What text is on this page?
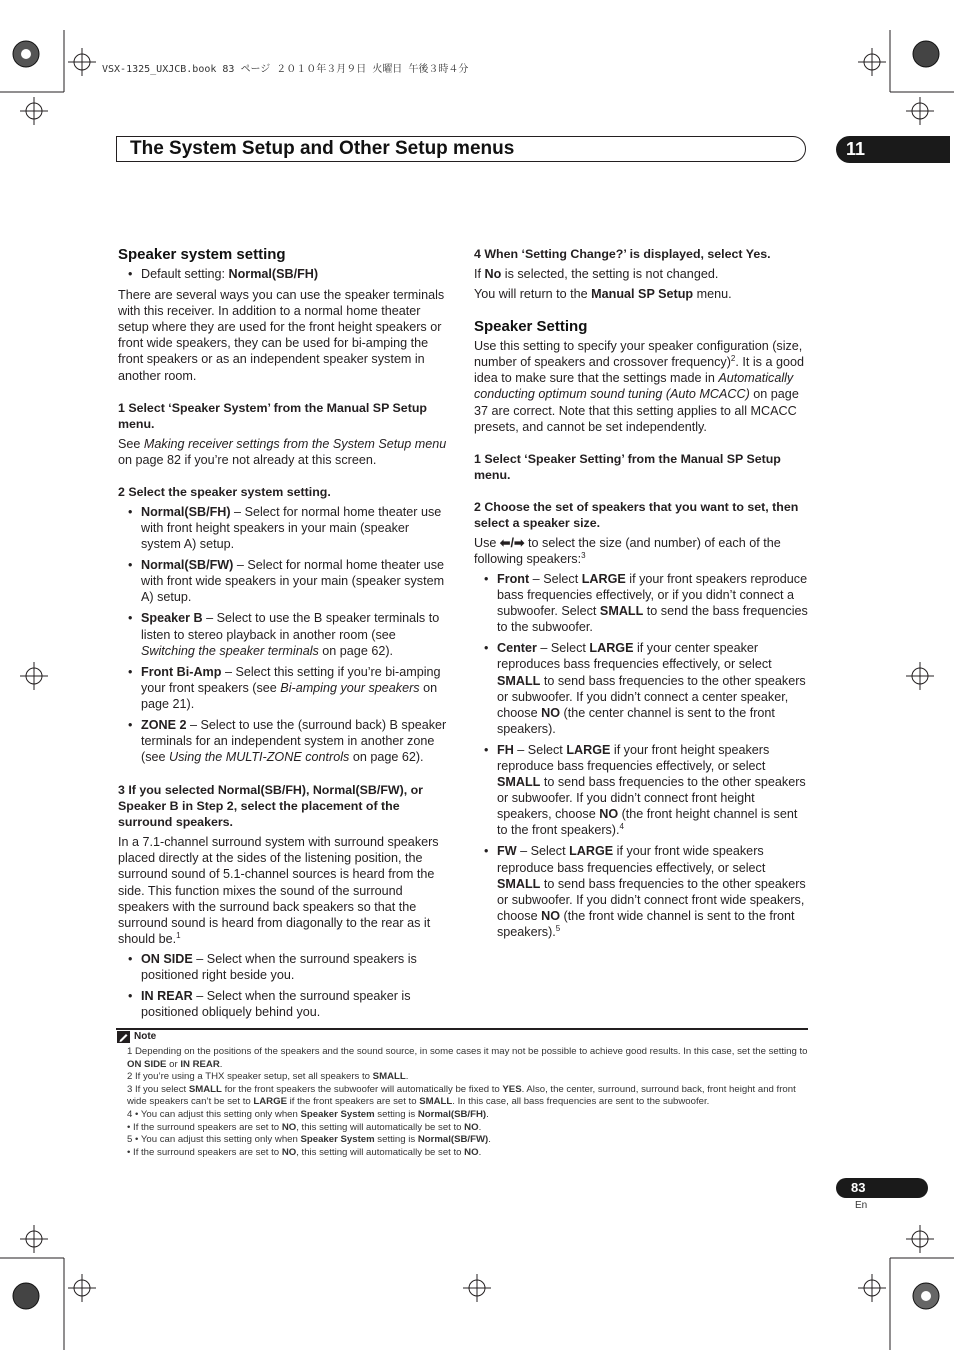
VSX-1325_UXJCB.book 83 ページ ２０１０年３月９日 火曜日 午後３時４分
The System Setup and Other Setup menus	11
Speaker system setting
• Default setting: Normal(SB/FH)

There are several ways you can use the speaker terminals with this receiver. In addition to a normal home theater setup where they are used for the front height speakers or front wide speakers, they can be used for bi-amping the front speakers or as an independent speaker system in another room.

1 Select ‘Speaker System’ from the Manual SP Setup menu.

See Making receiver settings from the System Setup menu on page 82 if you’re not already at this screen.

2 Select the speaker system setting.

• Normal(SB/FH) – Select for normal home theater use with front height speakers in your main (speaker system A) setup.
• Normal(SB/FW) – Select for normal home theater use with front wide speakers in your main (speaker system A) setup.
• Speaker B – Select to use the B speaker terminals to listen to stereo playback in another room (see Switching the speaker terminals on page 62).
• Front Bi-Amp – Select this setting if you’re bi-amping your front speakers (see Bi-amping your speakers on page 21).
• ZONE 2 – Select to use the (surround back) B speaker terminals for an independent system in another zone (see Using the MULTI-ZONE controls on page 62).

3 If you selected Normal(SB/FH), Normal(SB/FW), or Speaker B in Step 2, select the placement of the surround speakers.

In a 7.1-channel surround system with surround speakers placed directly at the sides of the listening position, the surround sound of 5.1-channel sources is heard from the side. This function mixes the sound of the surround speakers with the surround back speakers so that the surround sound is heard from diagonally to the rear as it should be.$^1$

• ON SIDE – Select when the surround speakers is positioned right beside you.
• IN REAR – Select when the surround speaker is positioned obliquely behind you.

4 When ‘Setting Change?’ is displayed, select Yes.

If No is selected, the setting is not changed.

You will return to the Manual SP Setup menu.

Speaker Setting

Use this setting to specify your speaker configuration (size, number of speakers and crossover frequency)$^2$. It is a good idea to make sure that the settings made in Automatically conducting optimum sound tuning (Auto MCACC) on page 37 are correct. Note that this setting applies to all MCACC presets, and cannot be set independently.

1 Select ‘Speaker Setting’ from the Manual SP Setup menu.

2 Choose the set of speakers that you want to set, then select a speaker size.

Use ⬅/➡ to select the size (and number) of each of the following speakers:$^3$

• Front – Select LARGE if your front speakers reproduce bass frequencies effectively, or if you didn’t connect a subwoofer. Select SMALL to send the bass frequencies to the subwoofer.
• Center – Select LARGE if your center speaker reproduces bass frequencies effectively, or select SMALL to send bass frequencies to the other speakers or subwoofer. If you didn’t connect a center speaker, choose NO (the center channel is sent to the front speakers).
• FH – Select LARGE if your front height speakers reproduce bass frequencies effectively, or select SMALL to send bass frequencies to the other speakers or subwoofer. If you didn’t connect front height speakers, choose NO (the front height channel is sent to the front speakers).$^4$
• FW – Select LARGE if your front wide speakers reproduce bass frequencies effectively, or select SMALL to send bass frequencies to the other speakers or subwoofer. If you didn’t connect front wide speakers, choose NO (the front wide channel is sent to the front speakers).$^5$
Note
1 Depending on the positions of the speakers and the sound source, in some cases it may not be possible to achieve good results. In this case, set the setting to ON SIDE or IN REAR.
2 If you’re using a THX speaker setup, set all speakers to SMALL.
3 If you select SMALL for the front speakers the subwoofer will automatically be fixed to YES. Also, the center, surround, surround back, front height and front wide speakers can’t be set to LARGE if the front speakers are set to SMALL. In this case, all bass frequencies are sent to the subwoofer.
4 • You can adjust this setting only when Speaker System setting is Normal(SB/FH).
• If the surround speakers are set to NO, this setting will automatically be set to NO.
5 • You can adjust this setting only when Speaker System setting is Normal(SB/FW).
• If the surround speakers are set to NO, this setting will automatically be set to NO.
83
En
